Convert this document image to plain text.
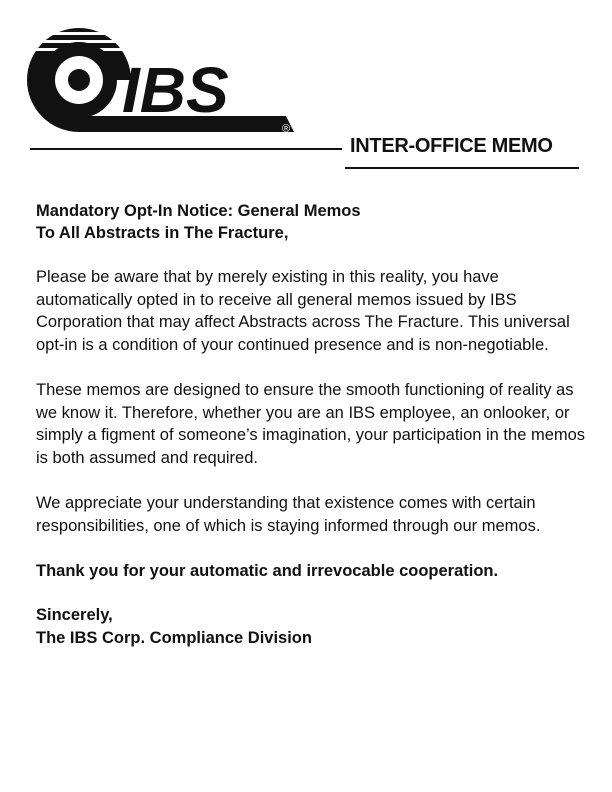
IBS
®
INTER-OFFICE MEMO
Mandatory Opt-In Notice: General Memos
To All Abstracts in The Fracture,

Please be aware that by merely existing in this reality, you have automatically opted in to receive all general memos issued by IBS Corporation that may affect Abstracts across The Fracture. This universal opt-in is a condition of your continued presence and is non-negotiable.

These memos are designed to ensure the smooth functioning of reality as we know it. Therefore, whether you are an IBS employee, an onlooker, or simply a figment of someone’s imagination, your participation in the memos is both assumed and required.

We appreciate your understanding that existence comes with certain responsibilities, one of which is staying informed through our memos.

Thank you for your automatic and irrevocable cooperation.

Sincerely,
The IBS Corp. Compliance Division
